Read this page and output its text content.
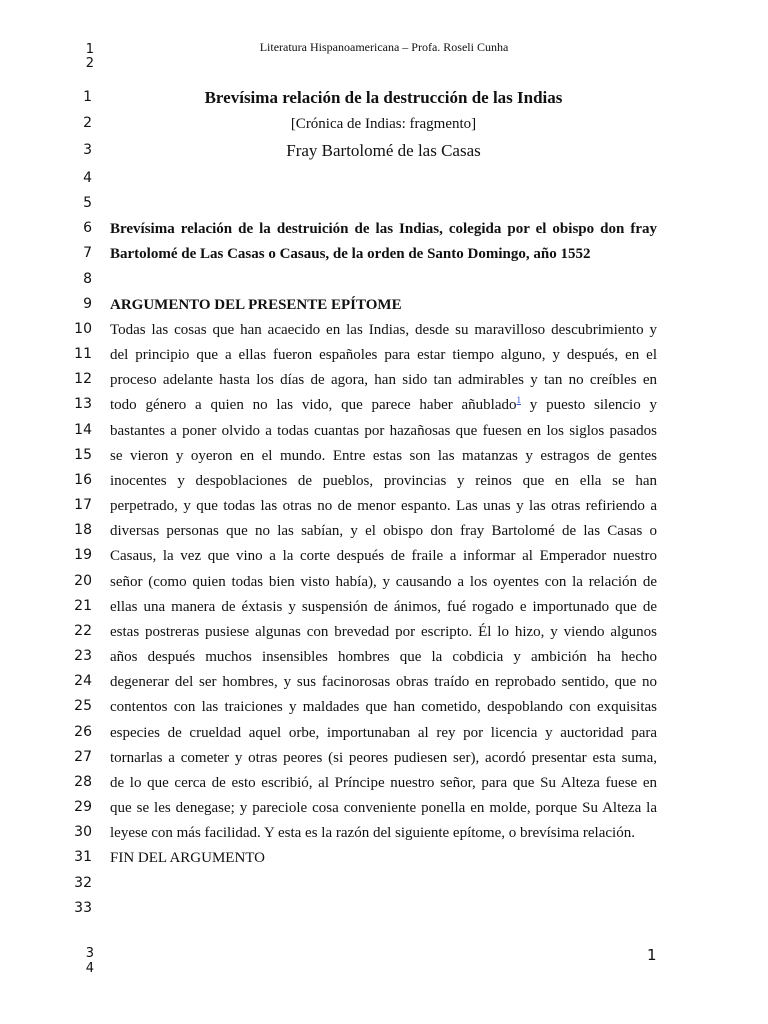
1
2
Literatura Hispanoamericana – Profa. Roseli Cunha
1	Brevísima relación de la destrucción de las Indias
2	[Crónica de Indias: fragmento]
3	Fray Bartolomé de las Casas
4
5
6 Brevísima relación de la destruición de las Indias, colegida por el obispo don fray
7 Bartolomé de Las Casas o Casaus, de la orden de Santo Domingo, año 1552
8
9 ARGUMENTO DEL PRESENTE EPÍTOME
10 Todas las cosas que han acaecido en las Indias, desde su maravilloso descubrimiento y
11 del principio que a ellas fueron españoles para estar tiempo alguno, y después, en el
12 proceso adelante hasta los días de agora, han sido tan admirables y tan no creíbles en
13 todo género a quien no las vido, que parece haber añublado$^1$ y puesto silencio y
14 bastantes a poner olvido a todas cuantas por hazañosas que fuesen en los siglos pasados
15 se vieron y oyeron en el mundo. Entre estas son las matanzas y estragos de gentes
16 inocentes y despoblaciones de pueblos, provincias y reinos que en ella se han
17 perpetrado, y que todas las otras no de menor espanto. Las unas y las otras refiriendo a
18 diversas personas que no las sabían, y el obispo don fray Bartolomé de las Casas o
19 Casaus, la vez que vino a la corte después de fraile a informar al Emperador nuestro
20 señor (como quien todas bien visto había), y causando a los oyentes con la relación de
21 ellas una manera de éxtasis y suspensión de ánimos, fué rogado e importunado que de
22 estas postreras pusiese algunas con brevedad por escripto. Él lo hizo, y viendo algunos
23 años después muchos insensibles hombres que la cobdicia y ambición ha hecho
24 degenerar del ser hombres, y sus facinorosas obras traído en reprobado sentido, que no
25 contentos con las traiciones y maldades que han cometido, despoblando con exquisitas
26 especies de crueldad aquel orbe, importunaban al rey por licencia y auctoridad para
27 tornarlas a cometer y otras peores (si peores pudiesen ser), acordó presentar esta suma,
28 de lo que cerca de esto escribió, al Príncipe nuestro señor, para que Su Alteza fuese en
29 que se les denegase; y pareciole cosa conveniente ponella en molde, porque Su Alteza la
30 leyese con más facilidad. Y esta es la razón del siguiente epítome, o brevísima relación.
31 FIN DEL ARGUMENTO
32
33
3
4
1
